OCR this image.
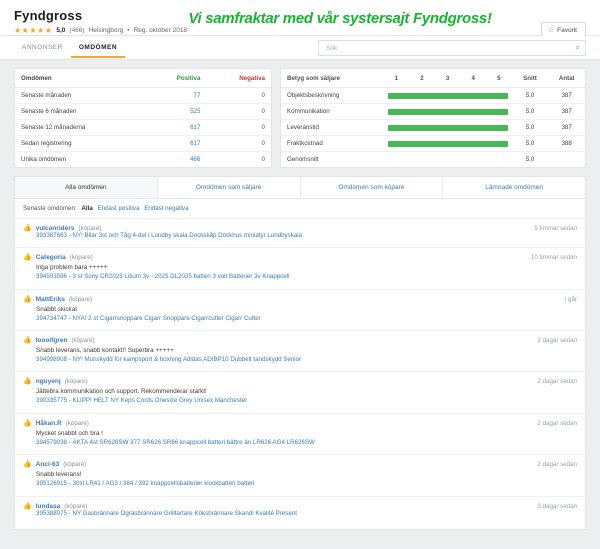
Fyndgross
★★★★★ 5,0 (466) Helsingborg • Reg. oktober 2018	☆ Favorit
Vi samfraktar med vår systersajt Fyndgross!
ANNONSER	OMDÖMEN
Sök	⌕
Omdömen	Positiva	Negativa
Senaste månaden	77	0
Senaste 6 månaden	525	0
Senaste 12 månaderna	617	0
Sedan registrering	617	0
Unika omdömen	466	0
Betyg som säljare	1	2	3	4	5	Snitt	Antal
Objektsbeskrivning						5,0	387
Kommunikation						5,0	387
Leveranstid						5,0	387
Fraktkostnad						5,0	388
Genomsnitt						5,0	
Alla omdömen	Omdömen som säljare	Omdömen som köpare	Lämnade omdömen
Senaste omdömen: Alla Endast positiva Endast negativa
👍 vulcanriders (köpare)	5 timmar sedan
393387663 - NY! Bilar 3st och Tåg 4-del i Lundby skala Dockskåp Dockhus miniatyr Lundbyskala
👍 Categoria (köpare)	10 timmar sedan
Inga problem bara +++++
394503596 - 3 st Sony CR2025 Litium 3v - 2025 DL2025 batteri 3 volt Batterier 3v Knappcell
👍 MattEriks (köpare)	i går
Snabbt skickat
394734747 - NYA! 2 st Cigarrsnoppare Cigarr Snoppare Cigarrcutter Cigarr Cutter
👍 loooifgren (köpare)	2 dagar sedan
Snabb leverans, snabb kontakt!! Superbra +++++
394998908 - NY! Munskydd för kampsport & boxning Adidas ADIBP10 Dubbelt tandskydd Senior
👍 nguyenj (köpare)	2 dagar sedan
Jättebra kommunikation och support. Rekommenderar starkt!
390335775 - KLIPP! HELT NY Keps Cords Onesize Grey Unisex Manchester
👍 Håkan.R (köpare)	2 dagar sedan
Mycket snabbt och bra !
394579038 - ÄKTA 4st SR626SW 377 SR626 SR66 knappcell batteri bättre än LR626 AG4 LR626SW
👍 Anci-63 (köpare)	2 dagar sedan
Snabb leverans!
395126915 - 30st LR41 / AG3 / 384 / 392 knappcellsbatterier klockbatteri batteri
👍 lundasa (köpare)	3 dagar sedan
395388075 - NY Gasbrännare Ogräsbrännare Grilltartare Köksbrännare Skandi Kvalité Present
